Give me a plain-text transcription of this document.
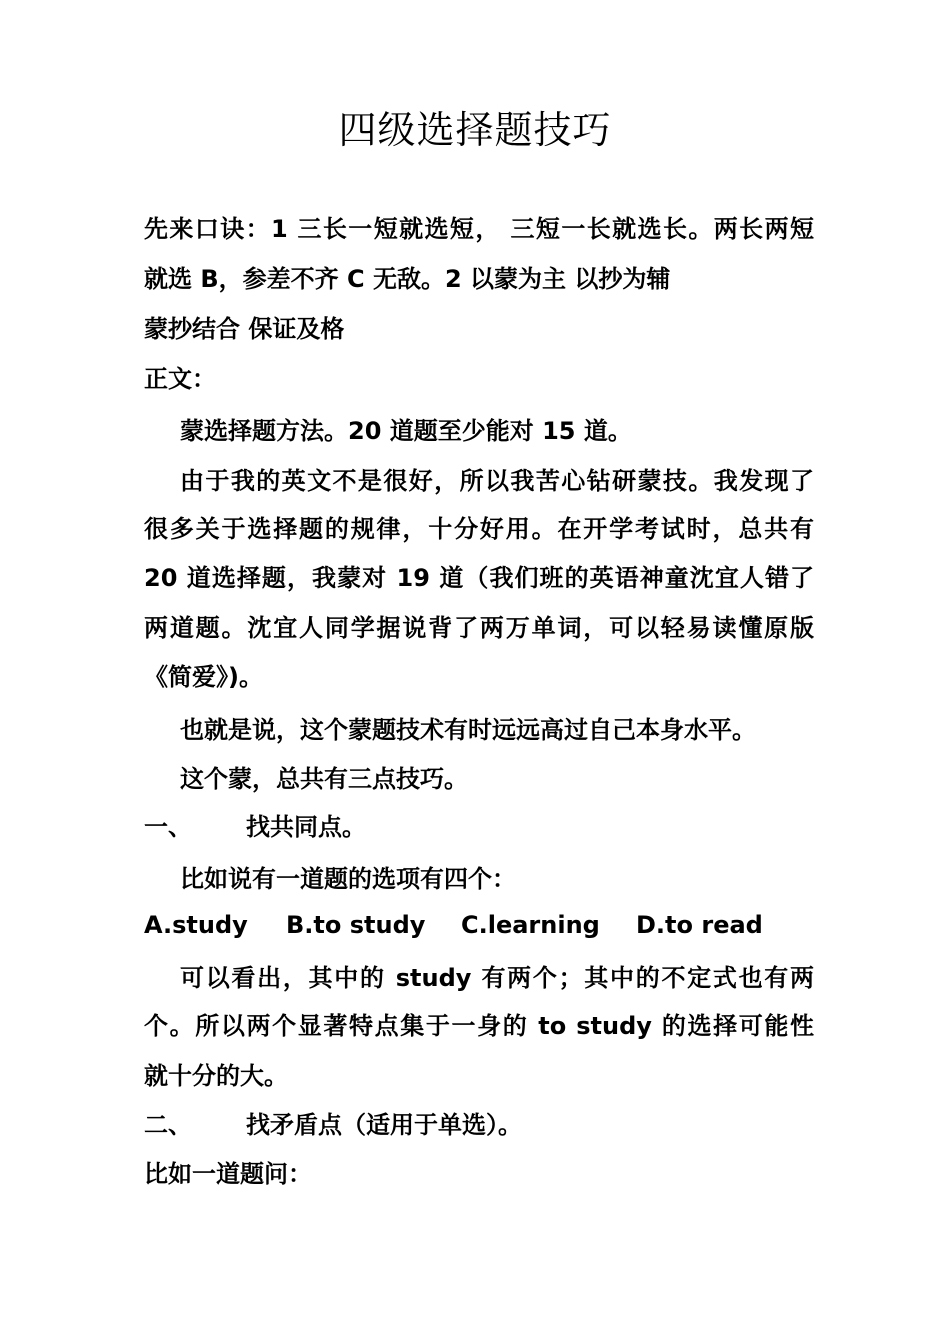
四级选择题技巧
先来口诀：1 三长一短就选短， 三短一长就选长。两长两短
就选 B，参差不齐 C 无敌。2 以蒙为主 以抄为辅
蒙抄结合 保证及格
正文：
蒙选择题方法。20 道题至少能对 15 道。
由于我的英文不是很好，所以我苦心钻研蒙技。我发现了
很多关于选择题的规律，十分好用。在开学考试时，总共有
20 道选择题，我蒙对 19 道（我们班的英语神童沈宜人错了
两道题。沈宜人同学据说背了两万单词，可以轻易读懂原版
《简爱》)。
也就是说，这个蒙题技术有时远远高过自己本身水平。
这个蒙，总共有三点技巧。
一、 找共同点。
比如说有一道题的选项有四个：
A.study B.to study C.learning D.to read
可以看出，其中的 study 有两个；其中的不定式也有两
个。所以两个显著特点集于一身的 to study 的选择可能性
就十分的大。
二、 找矛盾点（适用于单选）。
比如一道题问：
